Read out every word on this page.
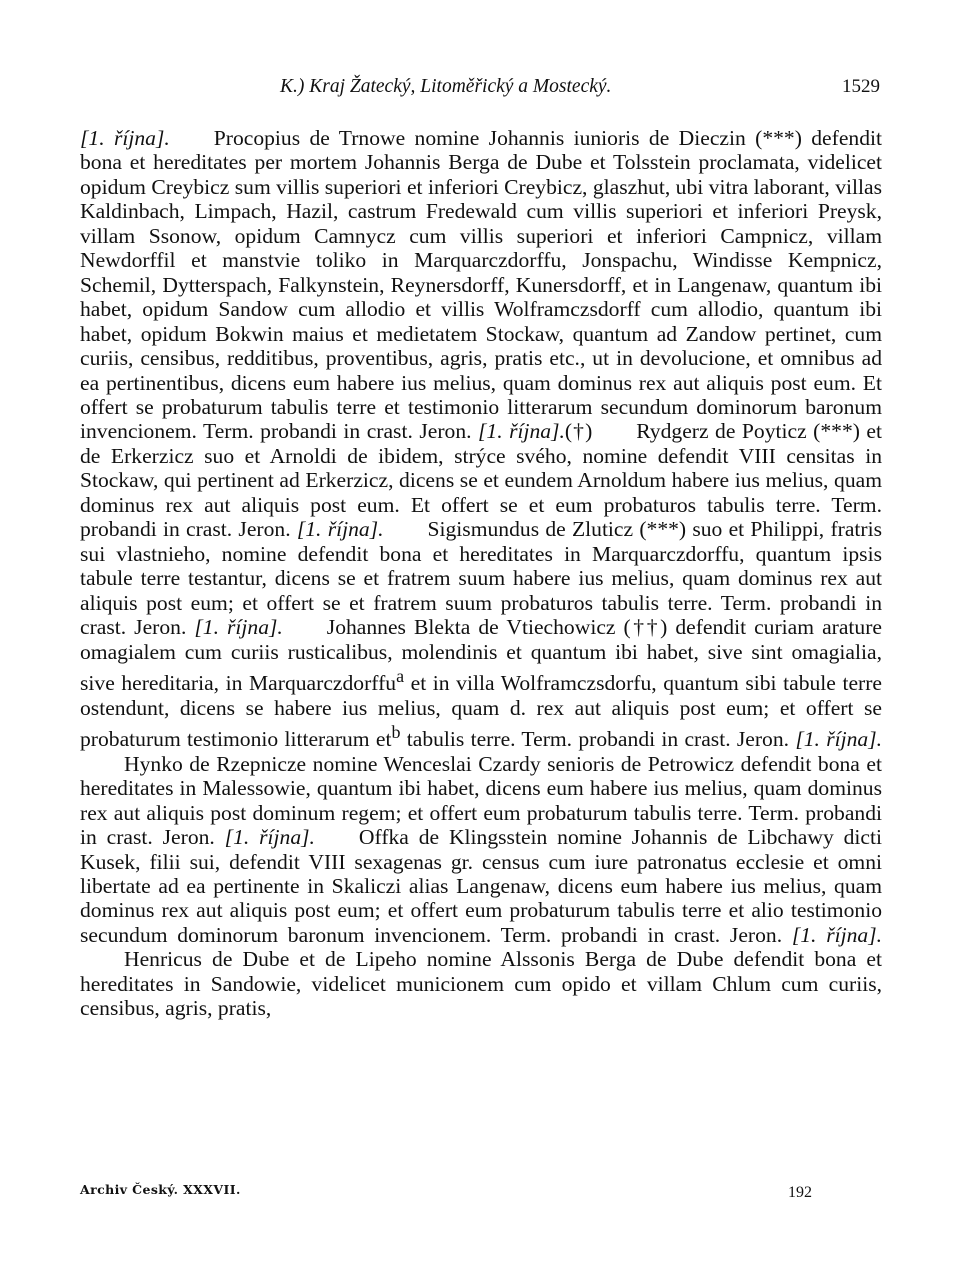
K.) Kraj Žatecký, Litoměřický a Mostecký.	1529

[1. října]. Procopius de Trnowe nomine Johannis iunioris de Dieczin (***) defendit bona et hereditates per mortem Johannis Berga de Dube et Tolsstein proclamata, videlicet opidum Creybicz sum villis superiori et inferiori Creybicz, glaszhut, ubi vitra laborant, villas Kaldinbach, Limpach, Hazil, castrum Fredewald cum villis superiori et inferiori Preysk, villam Ssonow, opidum Camnycz cum villis superiori et inferiori Campnicz, villam Newdorffil et manstvie toliko in Marquarczdorffu, Jonspachu, Windisse Kempnicz, Schemil, Dytterspach, Falkynstein, Reynersdorff, Kunersdorff, et in Langenaw, quantum ibi habet, opidum Sandow cum allodio et villis Wolframczsdorff cum allodio, quantum ibi habet, opidum Bokwin maius et medietatem Stockaw, quantum ad Zandow pertinet, cum curiis, censibus, redditibus, proventibus, agris, pratis etc., ut in devolucione, et omnibus ad ea pertinentibus, dicens eum habere ius melius, quam dominus rex aut aliquis post eum. Et offert se probaturum tabulis terre et testimonio litterarum secundum dominorum baronum invencionem. Term. probandi in crast. Jeron. [1. října].(†) Rydgerz de Poyticz (***) et de Erkerzicz suo et Arnoldi de ibidem, strýce svého, nomine defendit VIII censitas in Stockaw, qui pertinent ad Erkerzicz, dicens se et eundem Arnoldum habere ius melius, quam dominus rex aut aliquis post eum. Et offert se et eum probaturos tabulis terre. Term. probandi in crast. Jeron. [1. října]. Sigismundus de Zluticz (***) suo et Philippi, fratris sui vlastnieho, nomine defendit bona et hereditates in Marquarczdorffu, quantum ipsis tabule terre testantur, dicens se et fratrem suum habere ius melius, quam dominus rex aut aliquis post eum; et offert se et fratrem suum probaturos tabulis terre. Term. probandi in crast. Jeron. [1. října]. Johannes Blekta de Vtiechowicz (††) defendit curiam arature omagialem cum curiis rusticalibus, molendinis et quantum ibi habet, sive sint omagialia, sive hereditaria, in Marquarczdorffu$^a$ et in villa Wolframczsdorfu, quantum sibi tabule terre ostendunt, dicens se habere ius melius, quam d. rex aut aliquis post eum; et offert se probaturum testimonio litterarum $et^b$ tabulis terre. Term. probandi in crast. Jeron. [1. října].Hynko de Rzepnicze nomine Wenceslai Czardy senioris de Petrowicz defendit bona et hereditates in Malessowie, quantum ibi habet, dicens eum habere ius melius, quam dominus rex aut aliquis post dominum regem; et offert eum probaturum tabulis terre. Term. probandi in crast. Jeron. [1. října]. Offka de Klingsstein nomine Johannis de Libchawy dicti Kusek, filii sui, defendit VIII sexagenas gr. census cum iure patronatus ecclesie et omni libertate ad ea pertinente in Skaliczi alias Langenaw, dicens eum habere ius melius, quam dominus rex aut aliquis post eum; et offert eum probaturum tabulis terre et alio testimonio secundum dominorum baronum invencionem. Term. probandi in crast. Jeron. [1. října].Henricus de Dube et de Lipeho nomine Alssonis Berga de Dube defendit bona et hereditates in Sandowie, videlicet municionem cum opido et villam Chlum cum curiis, censibus, agris, pratis,

Archiv Český. XXXVII.	192
